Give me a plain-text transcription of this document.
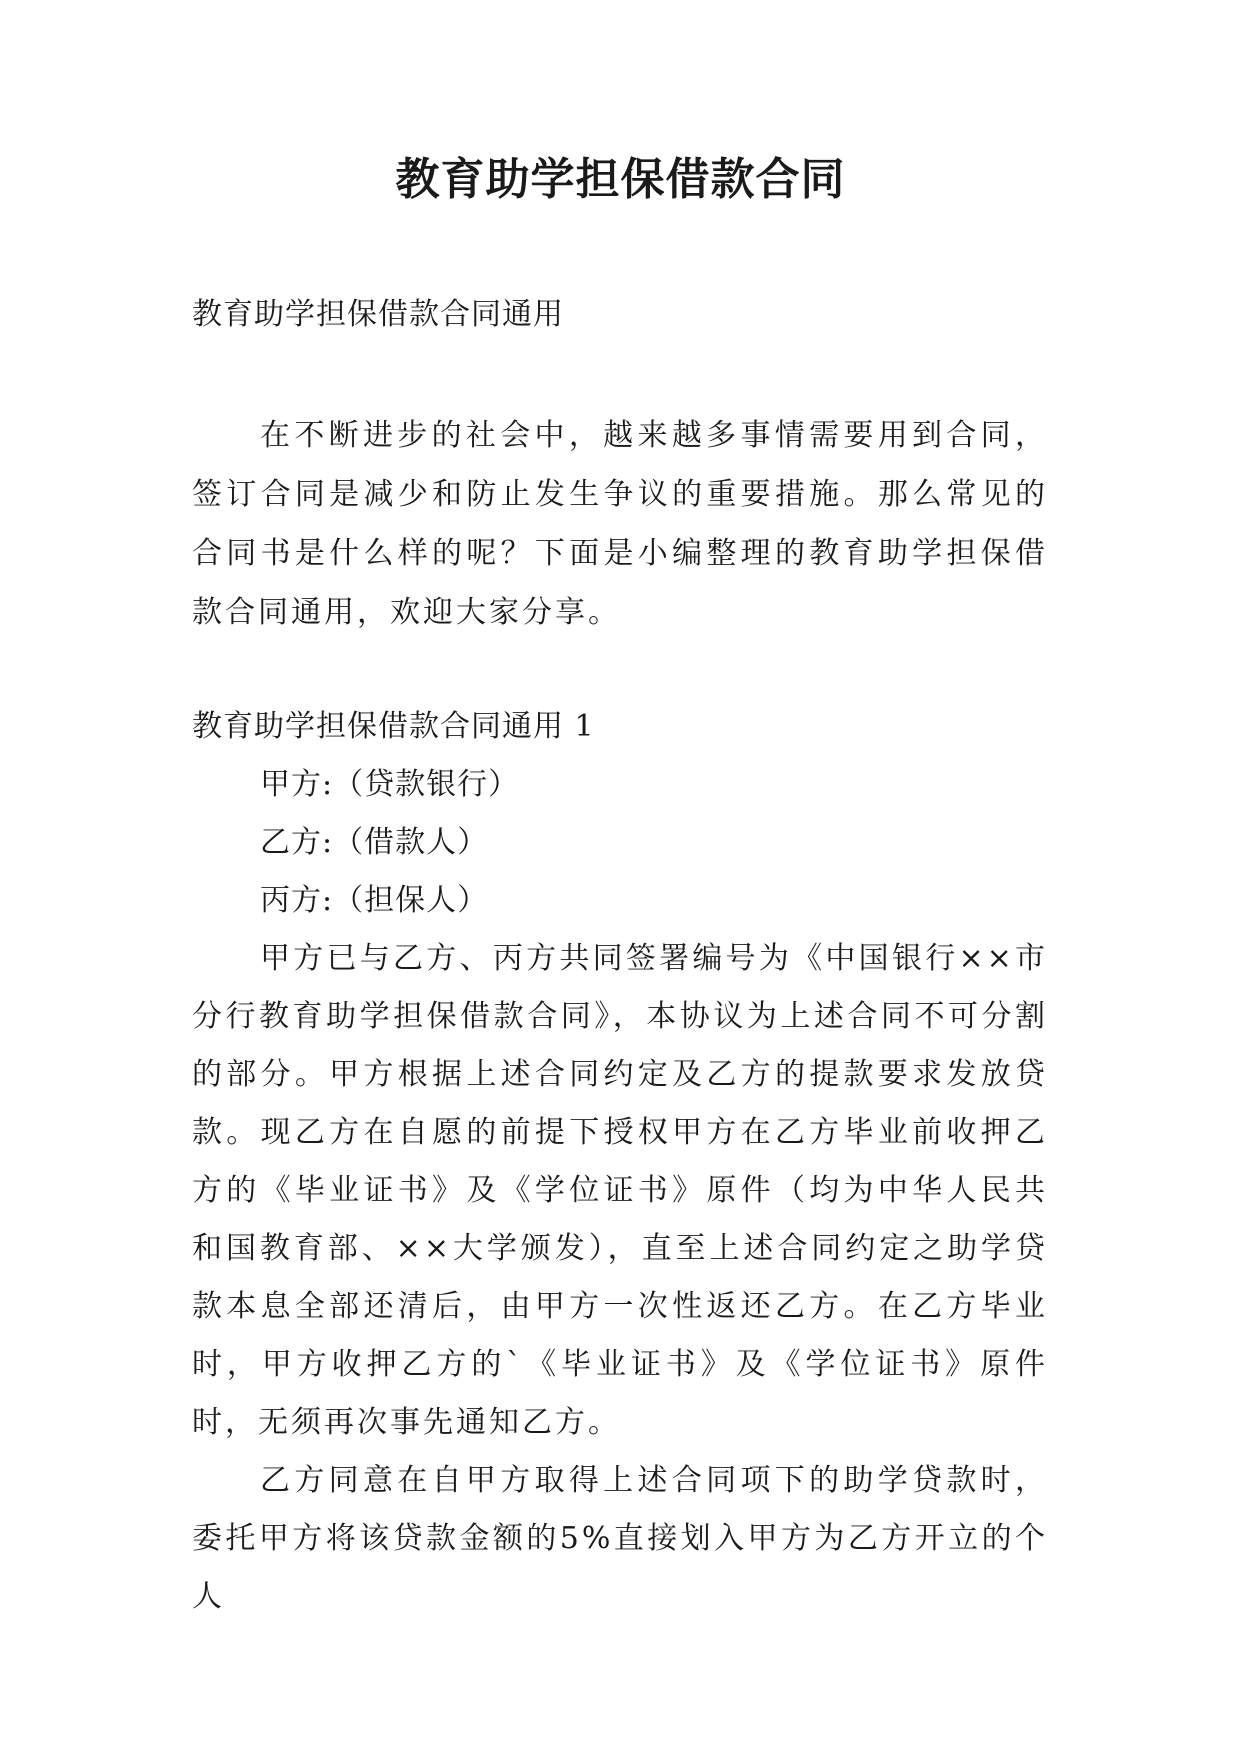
教育助学担保借款合同
教育助学担保借款合同通用

在不断进步的社会中，越来越多事情需要用到合同，签订合同是减少和防止发生争议的重要措施。那么常见的合同书是什么样的呢？下面是小编整理的教育助学担保借款合同通用，欢迎大家分享。

教育助学担保借款合同通用 1

甲方:（贷款银行）

乙方:（借款人）

丙方:（担保人）

甲方已与乙方、丙方共同签署编号为《中国银行××市分行教育助学担保借款合同》，本协议为上述合同不可分割的部分。甲方根据上述合同约定及乙方的提款要求发放贷款。现乙方在自愿的前提下授权甲方在乙方毕业前收押乙方的《毕业证书》及《学位证书》原件（均为中华人民共和国教育部、××大学颁发），直至上述合同约定之助学贷款本息全部还清后，由甲方一次性返还乙方。在乙方毕业时，甲方收押乙方的`《毕业证书》及《学位证书》原件时，无须再次事先通知乙方。

乙方同意在自甲方取得上述合同项下的助学贷款时，委托甲方将该贷款金额的5%直接划入甲方为乙方开立的个人
